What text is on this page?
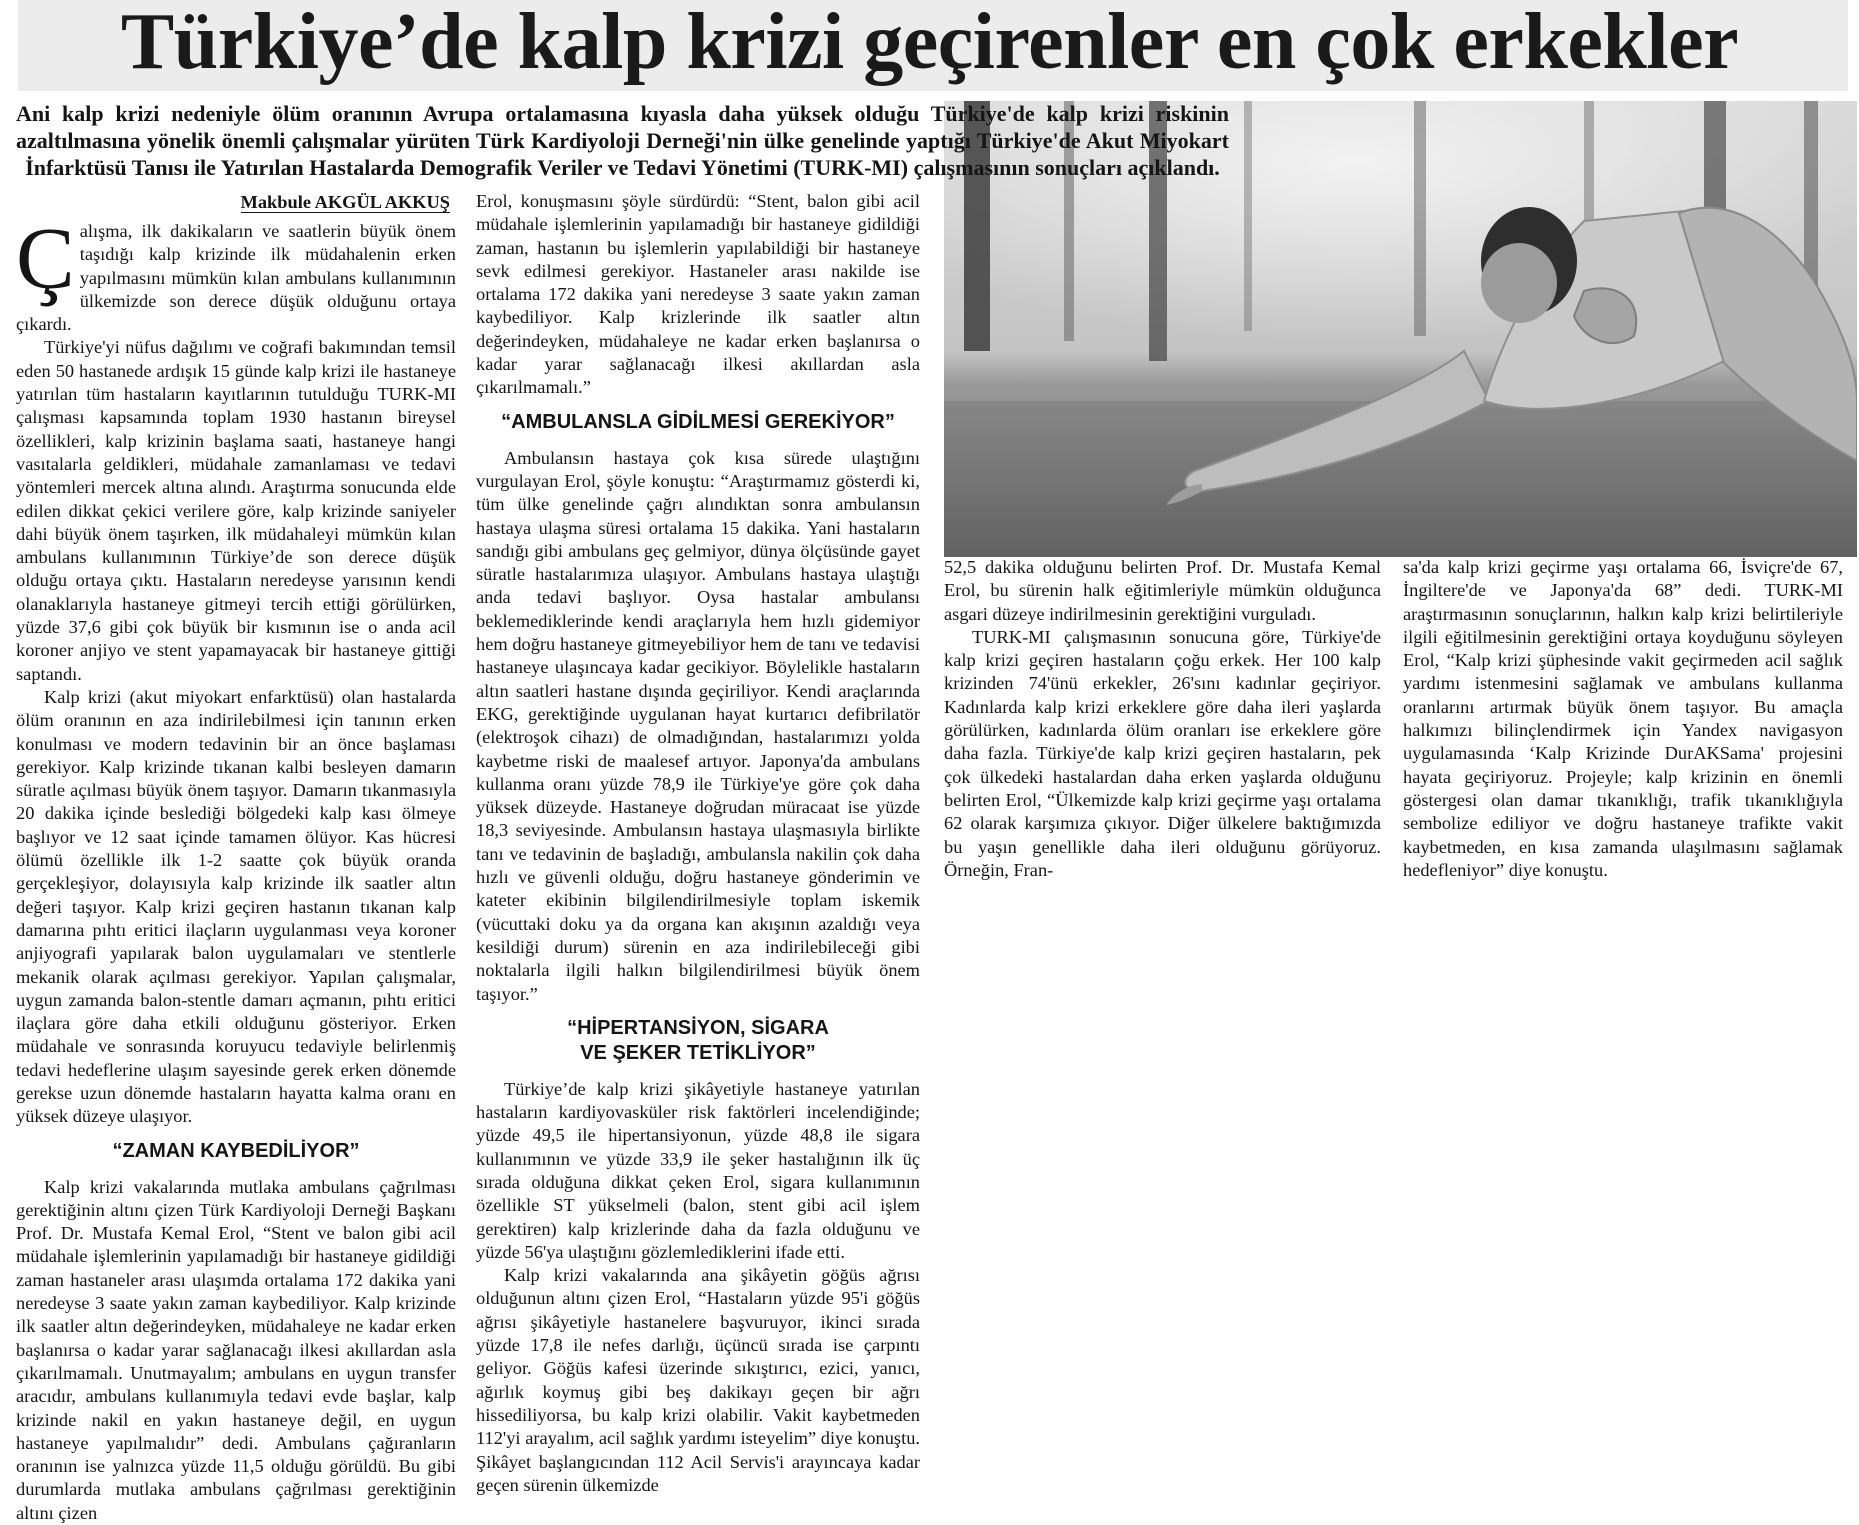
Türkiye’de kalp krizi geçirenler en çok erkekler

Ani kalp krizi nedeniyle ölüm oranının Avrupa ortalamasına kıyasla daha yüksek olduğu Türkiye'de kalp krizi riskinin azaltılmasına yönelik önemli çalışmalar yürüten Türk Kardiyoloji Derneği'nin ülke genelinde yaptığı Türkiye'de Akut Miyokart İnfarktüsü Tanısı ile Yatırılan Hastalarda Demografik Veriler ve Tedavi Yönetimi (TURK-MI) çalışmasının sonuçları açıklandı.

Makbule AKGÜL AKKUŞ

Çalışma, ilk dakikaların ve saatlerin büyük önem taşıdığı kalp krizinde ilk müdahalenin erken yapılmasını mümkün kılan ambulans kullanımının ülkemizde son derece düşük olduğunu ortaya çıkardı.

Türkiye'yi nüfus dağılımı ve coğrafi bakımından temsil eden 50 hastanede ardışık 15 günde kalp krizi ile hastaneye yatırılan tüm hastaların kayıtlarının tutulduğu TURK-MI çalışması kapsamında toplam 1930 hastanın bireysel özellikleri, kalp krizinin başlama saati, hastaneye hangi vasıtalarla geldikleri, müdahale zamanlaması ve tedavi yöntemleri mercek altına alındı. Araştırma sonucunda elde edilen dikkat çekici verilere göre, kalp krizinde saniyeler dahi büyük önem taşırken, ilk müdahaleyi mümkün kılan ambulans kullanımının Türkiye’de son derece düşük olduğu ortaya çıktı. Hastaların neredeyse yarısının kendi olanaklarıyla hastaneye gitmeyi tercih ettiği görülürken, yüzde 37,6 gibi çok büyük bir kısmının ise o anda acil koroner anjiyo ve stent yapamayacak bir hastaneye gittiği saptandı.

Kalp krizi (akut miyokart enfarktüsü) olan hastalarda ölüm oranının en aza indirilebilmesi için tanının erken konulması ve modern tedavinin bir an önce başlaması gerekiyor. Kalp krizinde tıkanan kalbi besleyen damarın süratle açılması büyük önem taşıyor. Damarın tıkanmasıyla 20 dakika içinde beslediği bölgedeki kalp kası ölmeye başlıyor ve 12 saat içinde tamamen ölüyor. Kas hücresi ölümü özellikle ilk 1-2 saatte çok büyük oranda gerçekleşiyor, dolayısıyla kalp krizinde ilk saatler altın değeri taşıyor. Kalp krizi geçiren hastanın tıkanan kalp damarına pıhtı eritici ilaçların uygulanması veya koroner anjiyografi yapılarak balon uygulamaları ve stentlerle mekanik olarak açılması gerekiyor. Yapılan çalışmalar, uygun zamanda balon-stentle damarı açmanın, pıhtı eritici ilaçlara göre daha etkili olduğunu gösteriyor. Erken müdahale ve sonrasında koruyucu tedaviyle belirlenmiş tedavi hedeflerine ulaşım sayesinde gerek erken dönemde gerekse uzun dönemde hastaların hayatta kalma oranı en yüksek düzeye ulaşıyor.

“ZAMAN KAYBEDİLİYOR”

Kalp krizi vakalarında mutlaka ambulans çağrılması gerektiğinin altını çizen Türk Kardiyoloji Derneği Başkanı Prof. Dr. Mustafa Kemal Erol, “Stent ve balon gibi acil müdahale işlemlerinin yapılamadığı bir hastaneye gidildiği zaman hastaneler arası ulaşımda ortalama 172 dakika yani neredeyse 3 saate yakın zaman kaybediliyor. Kalp krizinde ilk saatler altın değerindeyken, müdahaleye ne kadar erken başlanırsa o kadar yarar sağlanacağı ilkesi akıllardan asla çıkarılmamalı. Unutmayalım; ambulans en uygun transfer aracıdır, ambulans kullanımıyla tedavi evde başlar, kalp krizinde nakil en yakın hastaneye değil, en uygun hastaneye yapılmalıdır” dedi. Ambulans çağıranların oranının ise yalnızca yüzde 11,5 olduğu görüldü. Bu gibi durumlarda mutlaka ambulans çağrılması gerektiğinin altını çizen

Erol, konuşmasını şöyle sürdürdü: “Stent, balon gibi acil müdahale işlemlerinin yapılamadığı bir hastaneye gidildiği zaman, hastanın bu işlemlerin yapılabildiği bir hastaneye sevk edilmesi gerekiyor. Hastaneler arası nakilde ise ortalama 172 dakika yani neredeyse 3 saate yakın zaman kaybediliyor. Kalp krizlerinde ilk saatler altın değerindeyken, müdahaleye ne kadar erken başlanırsa o kadar yarar sağlanacağı ilkesi akıllardan asla çıkarılmamalı.”

“AMBULANSLA GİDİLMESİ GEREKİYOR”

Ambulansın hastaya çok kısa sürede ulaştığını vurgulayan Erol, şöyle konuştu: “Araştırmamız gösterdi ki, tüm ülke genelinde çağrı alındıktan sonra ambulansın hastaya ulaşma süresi ortalama 15 dakika. Yani hastaların sandığı gibi ambulans geç gelmiyor, dünya ölçüsünde gayet süratle hastalarımıza ulaşıyor. Ambulans hastaya ulaştığı anda tedavi başlıyor. Oysa hastalar ambulansı beklemediklerinde kendi araçlarıyla hem hızlı gidemiyor hem doğru hastaneye gitmeyebiliyor hem de tanı ve tedavisi hastaneye ulaşıncaya kadar gecikiyor. Böylelikle hastaların altın saatleri hastane dışında geçiriliyor. Kendi araçlarında EKG, gerektiğinde uygulanan hayat kurtarıcı defibrilatör (elektroşok cihazı) de olmadığından, hastalarımızı yolda kaybetme riski de maalesef artıyor. Japonya'da ambulans kullanma oranı yüzde 78,9 ile Türkiye'ye göre çok daha yüksek düzeyde. Hastaneye doğrudan müracaat ise yüzde 18,3 seviyesinde. Ambulansın hastaya ulaşmasıyla birlikte tanı ve tedavinin de başladığı, ambulansla nakilin çok daha hızlı ve güvenli olduğu, doğru hastaneye gönderimin ve kateter ekibinin bilgilendirilmesiyle toplam iskemik (vücuttaki doku ya da organa kan akışının azaldığı veya kesildiği durum) sürenin en aza indirilebileceği gibi noktalarla ilgili halkın bilgilendirilmesi büyük önem taşıyor.”

“HİPERTANSİYON, SİGARA
VE ŞEKER TETİKLİYOR”

Türkiye’de kalp krizi şikâyetiyle hastaneye yatırılan hastaların kardiyovasküler risk faktörleri incelendiğinde; yüzde 49,5 ile hipertansiyonun, yüzde 48,8 ile sigara kullanımının ve yüzde 33,9 ile şeker hastalığının ilk üç sırada olduğuna dikkat çeken Erol, sigara kullanımının özellikle ST yükselmeli (balon, stent gibi acil işlem gerektiren) kalp krizlerinde daha da fazla olduğunu ve yüzde 56'ya ulaştığını gözlemlediklerini ifade etti.

Kalp krizi vakalarında ana şikâyetin göğüs ağrısı olduğunun altını çizen Erol, “Hastaların yüzde 95'i göğüs ağrısı şikâyetiyle hastanelere başvuruyor, ikinci sırada yüzde 17,8 ile nefes darlığı, üçüncü sırada ise çarpıntı geliyor. Göğüs kafesi üzerinde sıkıştırıcı, ezici, yanıcı, ağırlık koymuş gibi beş dakikayı geçen bir ağrı hissediliyorsa, bu kalp krizi olabilir. Vakit kaybetmeden 112'yi arayalım, acil sağlık yardımı isteyelim” diye konuştu. Şikâyet başlangıcından 112 Acil Servis'i arayıncaya kadar geçen sürenin ülkemizde

52,5 dakika olduğunu belirten Prof. Dr. Mustafa Kemal Erol, bu sürenin halk eğitimleriyle mümkün olduğunca asgari düzeye indirilmesinin gerektiğini vurguladı.

TURK-MI çalışmasının sonucuna göre, Türkiye'de kalp krizi geçiren hastaların çoğu erkek. Her 100 kalp krizinden 74'ünü erkekler, 26'sını kadınlar geçiriyor. Kadınlarda kalp krizi erkeklere göre daha ileri yaşlarda görülürken, kadınlarda ölüm oranları ise erkeklere göre daha fazla. Türkiye'de kalp krizi geçiren hastaların, pek çok ülkedeki hastalardan daha erken yaşlarda olduğunu belirten Erol, “Ülkemizde kalp krizi geçirme yaşı ortalama 62 olarak karşımıza çıkıyor. Diğer ülkelere baktığımızda bu yaşın genellikle daha ileri olduğunu görüyoruz. Örneğin, Fran-

sa'da kalp krizi geçirme yaşı ortalama 66, İsviçre'de 67, İngiltere'de ve Japonya'da 68” dedi. TURK-MI araştırmasının sonuçlarının, halkın kalp krizi belirtileriyle ilgili eğitilmesinin gerektiğini ortaya koyduğunu söyleyen Erol, “Kalp krizi şüphesinde vakit geçirmeden acil sağlık yardımı istenmesini sağlamak ve ambulans kullanma oranlarını artırmak büyük önem taşıyor. Bu amaçla halkımızı bilinçlendirmek için Yandex navigasyon uygulamasında ‘Kalp Krizinde DurAKSama' projesini hayata geçiriyoruz. Projeyle; kalp krizinin en önemli göstergesi olan damar tıkanıklığı, trafik tıkanıklığıyla sembolize ediliyor ve doğru hastaneye trafikte vakit kaybetmeden, en kısa zamanda ulaşılmasını sağlamak hedefleniyor” diye konuştu.
